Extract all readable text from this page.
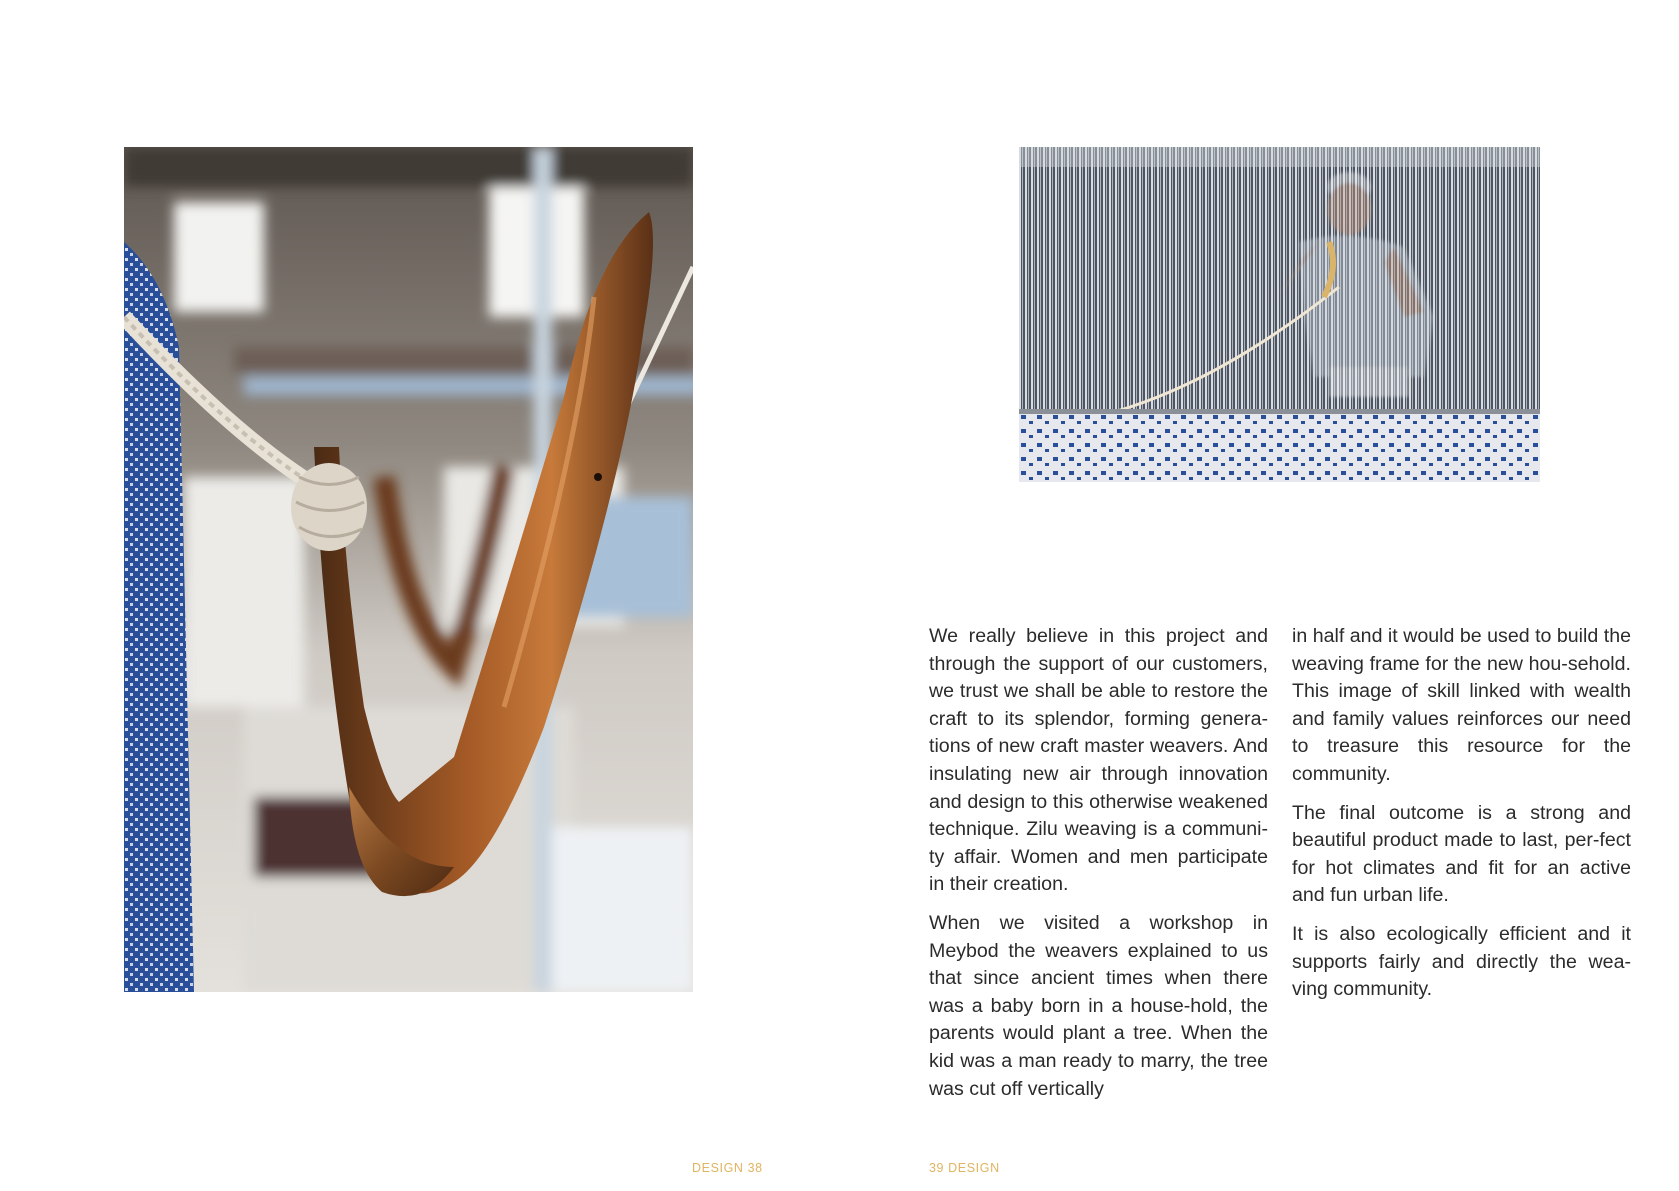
We really believe in this project and through the support of our customers, we trust we shall be able to restore the craft to its splendor, forming genera-tions of new craft master weavers. And insulating new air through innovation and design to this otherwise weakened technique. Zilu weaving is a communi-ty affair. Women and men participate in their creation.

When we visited a workshop in Meybod the weavers explained to us that since ancient times when there was a baby born in a house-hold, the parents would plant a tree. When the kid was a man ready to marry, the tree was cut off vertically

in half and it would be used to build the weaving frame for the new hou-sehold. This image of skill linked with wealth and family values reinforces our need to treasure this resource for the community.

The final outcome is a strong and beautiful product made to last, per-fect for hot climates and fit for an active and fun urban life.

It is also ecologically efficient and it supports fairly and directly the wea-ving community.

DESIGN 38	39 DESIGN
